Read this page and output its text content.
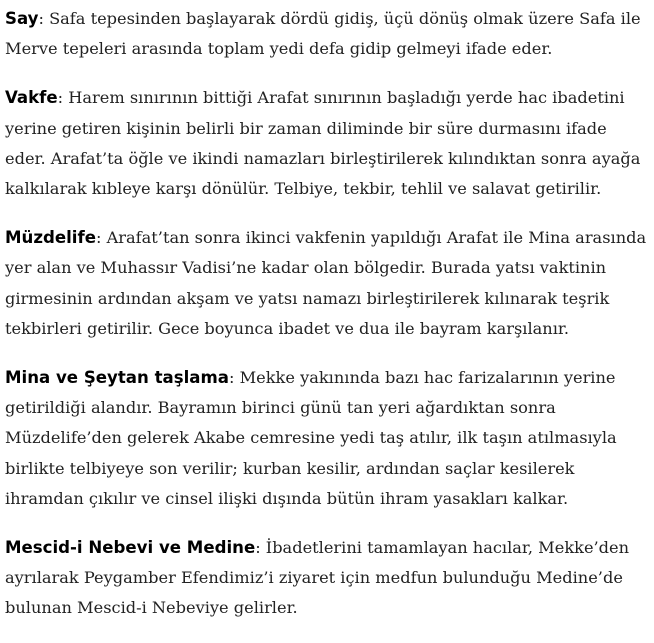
Say: Safa tepesinden başlayarak dördü gidiş, üçü dönüş olmak üzere Safa ile
Merve tepeleri arasında toplam yedi defa gidip gelmeyi ifade eder.

Vakfe: Harem sınırının bittiği Arafat sınırının başladığı yerde hac ibadetini
yerine getiren kişinin belirli bir zaman diliminde bir süre durmasını ifade
eder. Arafat’ta öğle ve ikindi namazları birleştirilerek kılındıktan sonra ayağa
kalkılarak kıbleye karşı dönülür. Telbiye, tekbir, tehlil ve salavat getirilir.

Müzdelife: Arafat’tan sonra ikinci vakfenin yapıldığı Arafat ile Mina arasında
yer alan ve Muhassır Vadisi’ne kadar olan bölgedir. Burada yatsı vaktinin
girmesinin ardından akşam ve yatsı namazı birleştirilerek kılınarak teşrik
tekbirleri getirilir. Gece boyunca ibadet ve dua ile bayram karşılanır.

Mina ve Şeytan taşlama: Mekke yakınında bazı hac farizalarının yerine
getirildiği alandır. Bayramın birinci günü tan yeri ağardıktan sonra
Müzdelife’den gelerek Akabe cemresine yedi taş atılır, ilk taşın atılmasıyla
birlikte telbiyeye son verilir; kurban kesilir, ardından saçlar kesilerek
ihramdan çıkılır ve cinsel ilişki dışında bütün ihram yasakları kalkar.

Mescid-i Nebevi ve Medine: İbadetlerini tamamlayan hacılar, Mekke’den
ayrılarak Peygamber Efendimiz’i ziyaret için medfun bulunduğu Medine’de
bulunan Mescid-i Nebeviye gelirler.
